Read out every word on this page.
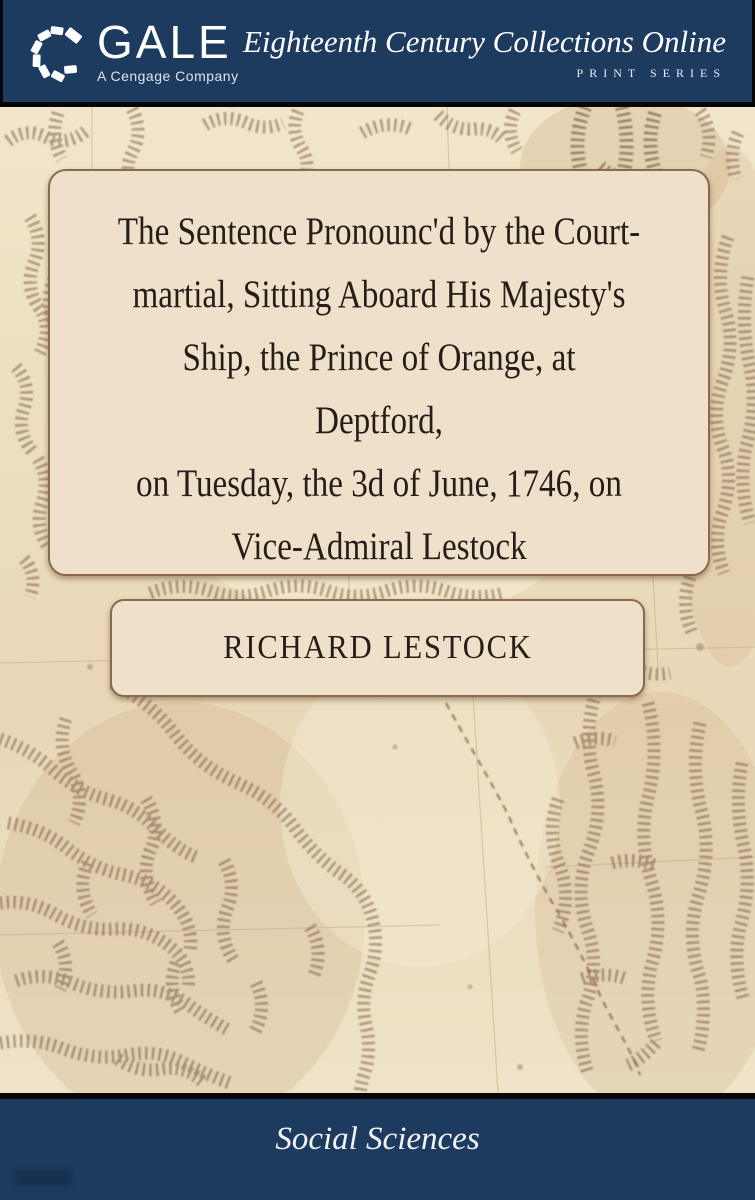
GALE
A Cengage Company
Eighteenth Century Collections Online
PRINT SERIES
The Sentence Pronounc'd by the Court-
martial, Sitting Aboard His Majesty's
Ship, the Prince of Orange, at Deptford,
on Tuesday, the 3d of June, 1746, on
Vice-Admiral Lestock
RICHARD LESTOCK
Social Sciences
